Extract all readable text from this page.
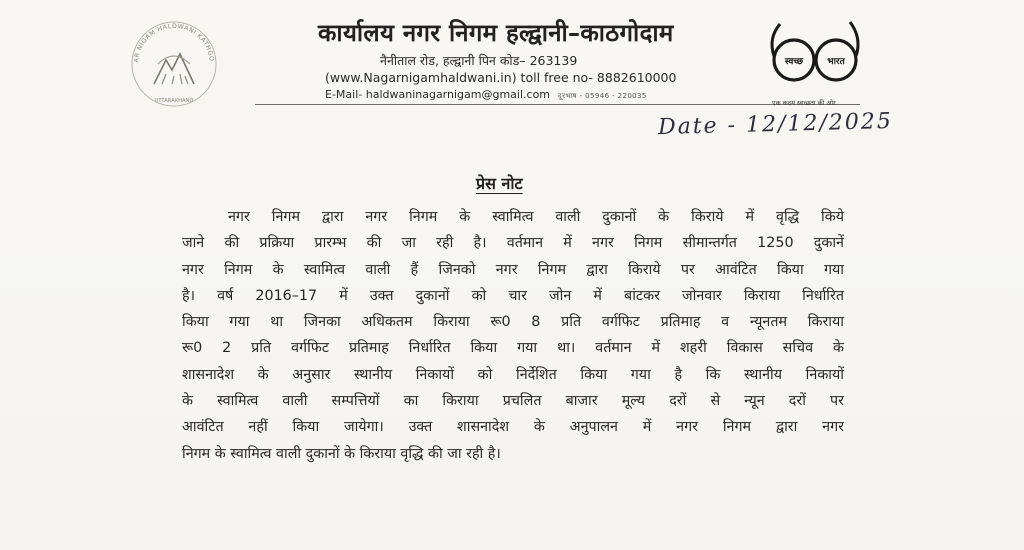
AR NIGAM HALDWANI KATHGO
UTTARAKHAND
कार्यालय नगर निगम हल्द्वानी–काठगोदाम
नैनीताल रोड, हल्द्वानी पिन कोड– 263139
(www.Nagarnigamhaldwani.in) toll free no- 8882610000
E-Mail- haldwaninagarnigam@gmail.com दूरभाष - 05946 - 220035
स्वच्छ	भारत
एक कदम स्वच्छता की ओर
Date - 12/12/2025
प्रेस नोट
नगर निगम द्वारा नगर निगम के स्वामित्व वाली दुकानों के किराये में वृद्धि किये
जाने की प्रक्रिया प्रारम्भ की जा रही है। वर्तमान में नगर निगम सीमान्तर्गत 1250 दुकानें
नगर निगम के स्वामित्व वाली हैं जिनको नगर निगम द्वारा किराये पर आवंटित किया गया
है। वर्ष 2016–17 में उक्त दुकानों को चार जोन में बांटकर जोनवार किराया निर्धारित
किया गया था जिनका अधिकतम किराया रू0 8 प्रति वर्गफिट प्रतिमाह व न्यूनतम किराया
रू0 2 प्रति वर्गफिट प्रतिमाह निर्धारित किया गया था। वर्तमान में शहरी विकास सचिव के
शासनादेश के अनुसार स्थानीय निकायों को निर्देशित किया गया है कि स्थानीय निकायों
के स्वामित्व वाली सम्पत्तियों का किराया प्रचलित बाजार मूल्य दरों से न्यून दरों पर
आवंटित नहीं किया जायेगा। उक्त शासनादेश के अनुपालन में नगर निगम द्वारा नगर
निगम के स्वामित्व वाली दुकानों के किराया वृद्धि की जा रही है।
